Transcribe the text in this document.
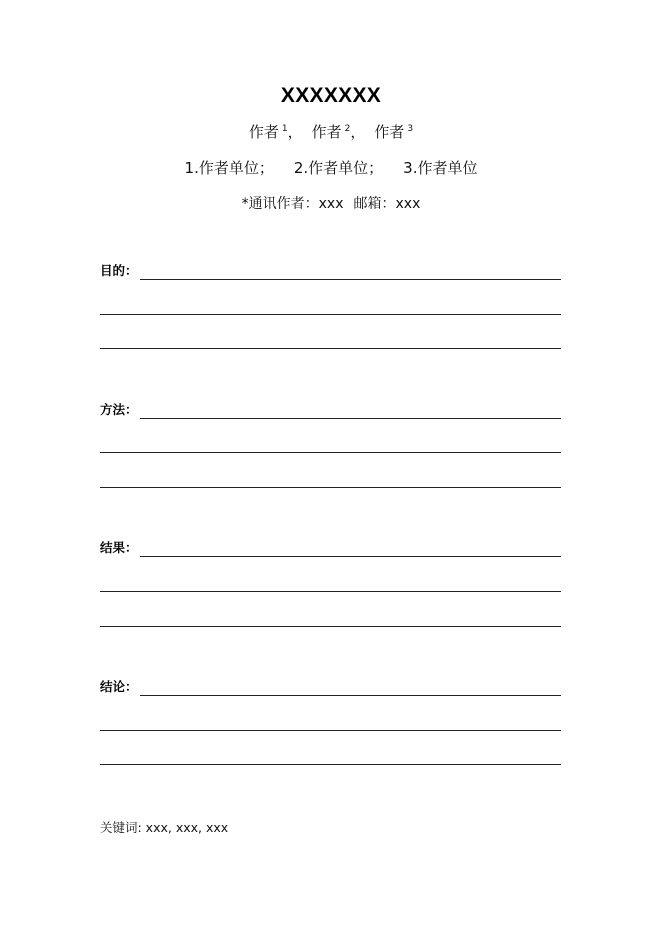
XXXXXXX
作者 $^1$， 作者 $^2$， 作者 $^3$
1.作者单位； 2.作者单位； 3.作者单位
*通讯作者：xxx 邮箱：xxx
目的：
方法：
结果：
结论：
关键词: xxx, xxx, xxx
